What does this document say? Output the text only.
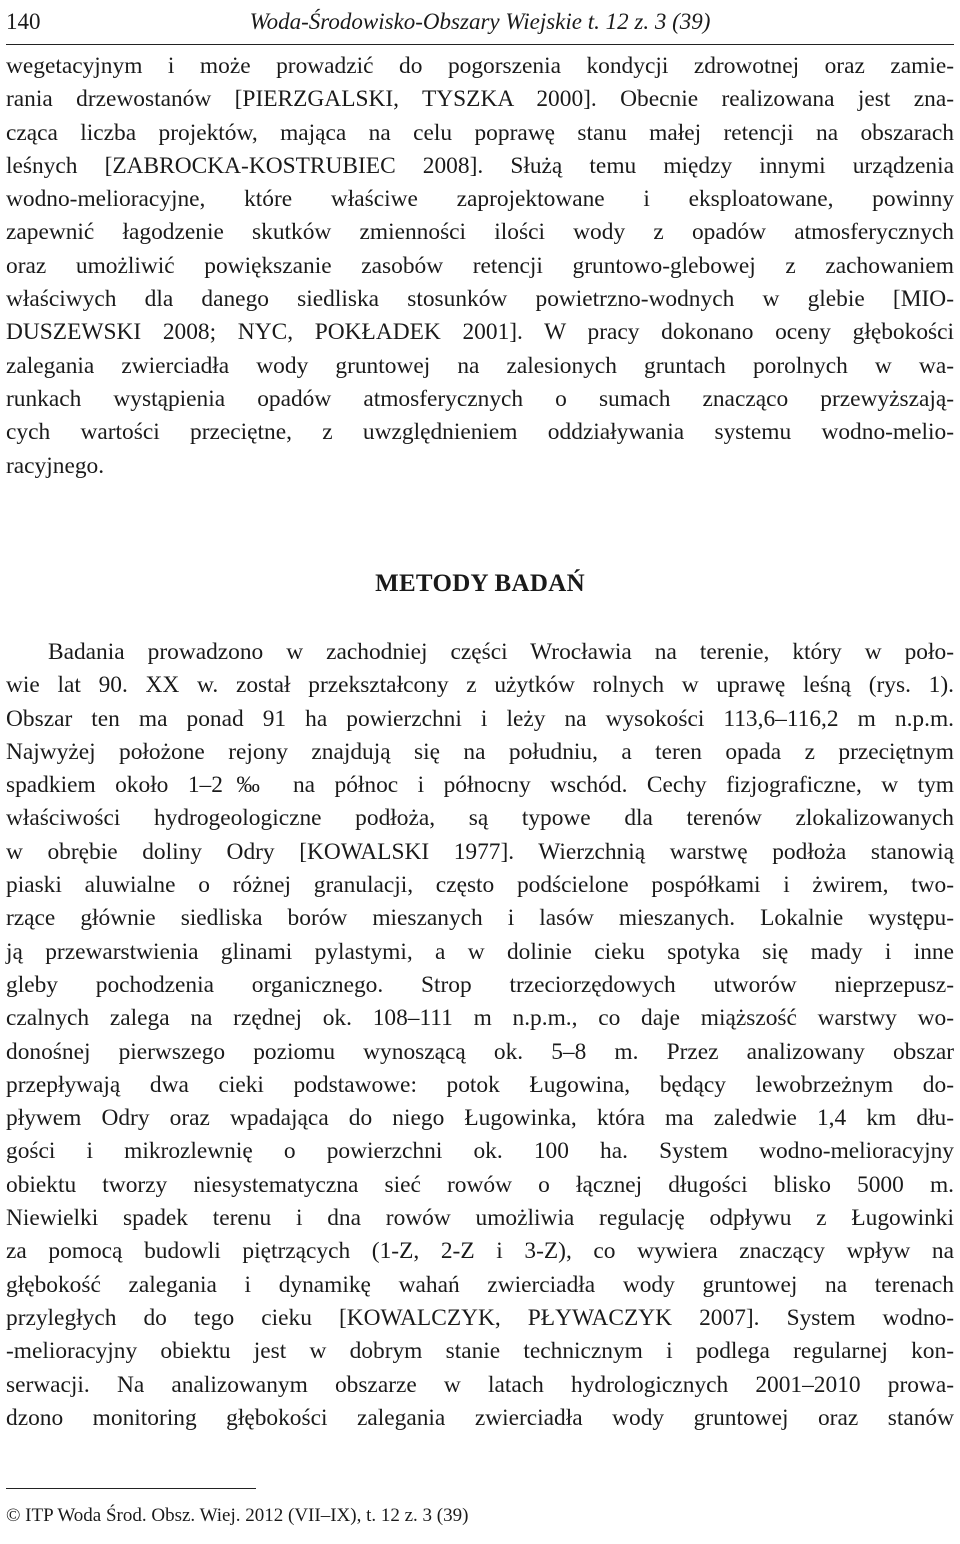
140	Woda-Środowisko-Obszary Wiejskie t. 12 z. 3 (39)
wegetacyjnym i może prowadzić do pogorszenia kondycji zdrowotnej oraz zamie-
rania drzewostanów [PIERZGALSKI, TYSZKA 2000]. Obecnie realizowana jest zna-
cząca liczba projektów, mająca na celu poprawę stanu małej retencji na obszarach
leśnych [ZABROCKA-KOSTRUBIEC 2008]. Służą temu między innymi urządzenia
wodno-melioracyjne, które właściwe zaprojektowane i eksploatowane, powinny
zapewnić łagodzenie skutków zmienności ilości wody z opadów atmosferycznych
oraz umożliwić powiększanie zasobów retencji gruntowo-glebowej z zachowaniem
właściwych dla danego siedliska stosunków powietrzno-wodnych w glebie [MIO-
DUSZEWSKI 2008; NYC, POKŁADEK 2001]. W pracy dokonano oceny głębokości
zalegania zwierciadła wody gruntowej na zalesionych gruntach porolnych w wa-
runkach wystąpienia opadów atmosferycznych o sumach znacząco przewyższają-
cych wartości przeciętne, z uwzględnieniem oddziaływania systemu wodno-melio-
racyjnego.
METODY BADAŃ
Badania prowadzono w zachodniej części Wrocławia na terenie, który w poło-
wie lat 90. XX w. został przekształcony z użytków rolnych w uprawę leśną (rys. 1).
Obszar ten ma ponad 91 ha powierzchni i leży na wysokości 113,6–116,2 m n.p.m.
Najwyżej położone rejony znajdują się na południu, a teren opada z przeciętnym
spadkiem około 1–2‰ na północ i północny wschód. Cechy fizjograficzne, w tym
właściwości hydrogeologiczne podłoża, są typowe dla terenów zlokalizowanych
w obrębie doliny Odry [KOWALSKI 1977]. Wierzchnią warstwę podłoża stanowią
piaski aluwialne o różnej granulacji, często podścielone pospółkami i żwirem, two-
rzące głównie siedliska borów mieszanych i lasów mieszanych. Lokalnie występu-
ją przewarstwienia glinami pylastymi, a w dolinie cieku spotyka się mady i inne
gleby pochodzenia organicznego. Strop trzeciorzędowych utworów nieprzepusz-
czalnych zalega na rzędnej ok. 108–111 m n.p.m., co daje miąższość warstwy wo-
donośnej pierwszego poziomu wynoszącą ok. 5–8 m. Przez analizowany obszar
przepływają dwa cieki podstawowe: potok Ługowina, będący lewobrzeżnym do-
pływem Odry oraz wpadająca do niego Ługowinka, która ma zaledwie 1,4 km dłu-
gości i mikrozlewnię o powierzchni ok. 100 ha. System wodno-melioracyjny
obiektu tworzy niesystematyczna sieć rowów o łącznej długości blisko 5000 m.
Niewielki spadek terenu i dna rowów umożliwia regulację odpływu z Ługowinki
za pomocą budowli piętrzących (1-Z, 2-Z i 3-Z), co wywiera znaczący wpływ na
głębokość zalegania i dynamikę wahań zwierciadła wody gruntowej na terenach
przyległych do tego cieku [KOWALCZYK, PŁYWACZYK 2007]. System wodno-
-melioracyjny obiektu jest w dobrym stanie technicznym i podlega regularnej kon-
serwacji. Na analizowanym obszarze w latach hydrologicznych 2001–2010 prowa-
dzono monitoring głębokości zalegania zwierciadła wody gruntowej oraz stanów
© ITP Woda Środ. Obsz. Wiej. 2012 (VII–IX), t. 12 z. 3 (39)
